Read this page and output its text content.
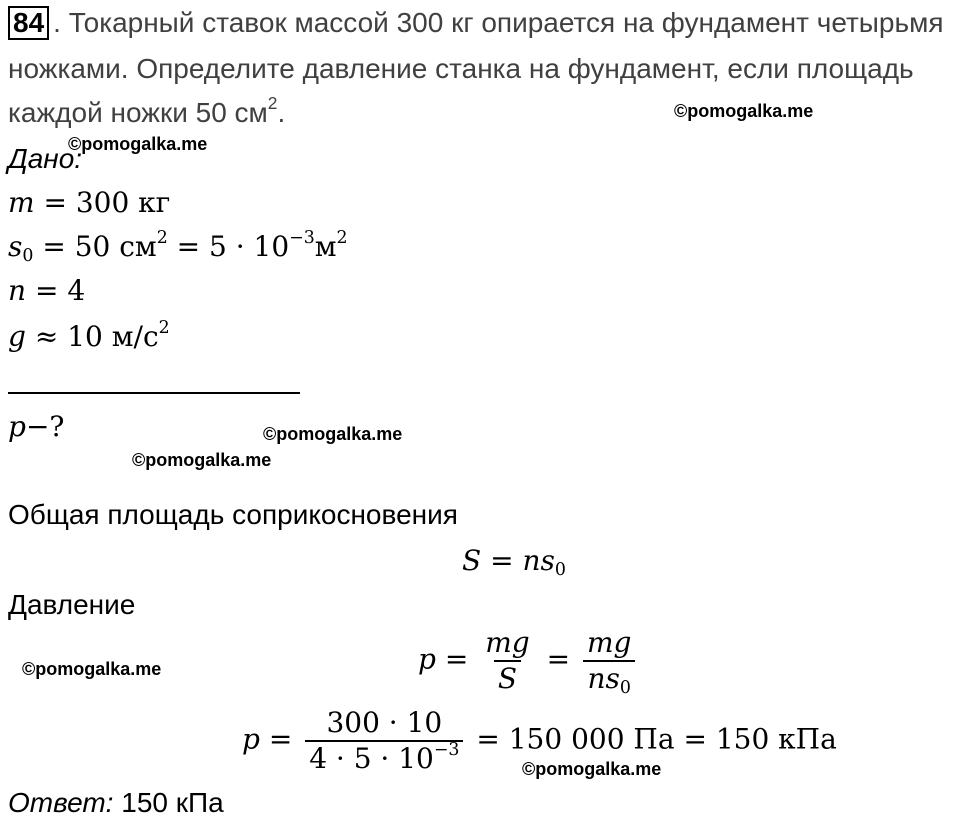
84 . Токарный ставок массой 300 кг опирается на фундамент четырьмя
ножками. Определите давление станка на фундамент, если площадь
каждой ножки 50 $см^2$.
Дано:
m = 300 кг
$s_0 = 50$ $см^2 = 5 \cdot 10^{-3}м^2$
n = 4
g ≈ 10 $м/с^2$
p−?
Общая площадь соприкосновения
$S = ns_0$
Давление
$p = \frac{mg}{S} = \frac{mg}{ns_0}$
$p = \frac{300 \cdot 10}{4 \cdot 5 \cdot 10^{-3}} = 150$ 000 Па = 150 кПа
Ответ: 150 кПа
©pomogalka.me
©pomogalka.me
©pomogalka.me
©pomogalka.me
©pomogalka.me
©pomogalka.me
